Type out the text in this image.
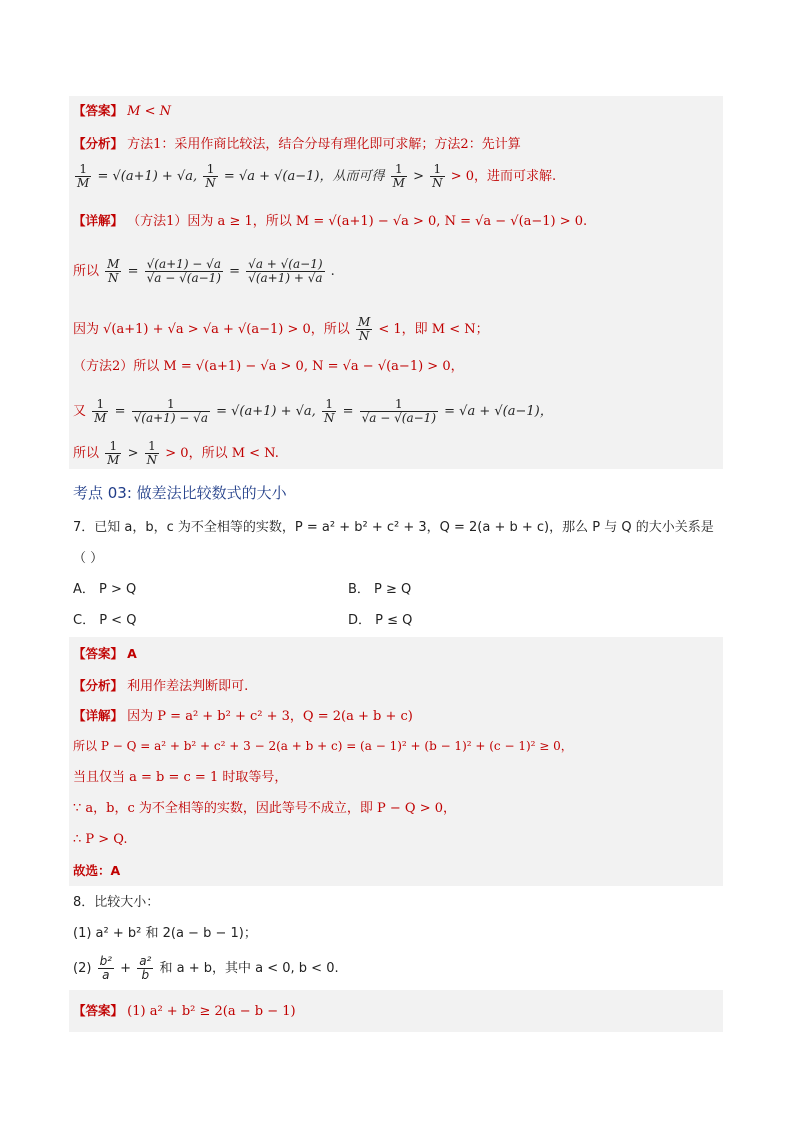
【答案】 M < N
【分析】 方法1：采用作商比较法，结合分母有理化即可求解；方法2：先计算
$\frac{1}{M} = √(a+1) + √a$, $\frac{1}{N} = √a + √(a-1)$，从而可得 $\frac{1}{M} > \frac{1}{N} > 0$，进而可求解.
【详解】 （方法1）因为 a ≥ 1，所以 M = √(a+1) − √a > 0, N = √a − √(a−1) > 0.
所以 $\frac{M}{N} = \frac{√(a+1) - √a}{√a - √(a-1)} = \frac{√a + √(a-1)}{√(a+1) + √a}$ .
因为 √(a+1) + √a > √a + √(a−1) > 0，所以 $\frac{M}{N} < 1$，即 M < N；
（方法2）所以 M = √(a+1) − √a > 0, N = √a − √(a−1) > 0，
又 $\frac{1}{M} = \frac{1}{√(a+1) - √a} = √(a+1) + √a$, $\frac{1}{N} = \frac{1}{√a - √(a-1)} = √a + √(a-1)$，
所以 $\frac{1}{M} > \frac{1}{N} > 0$，所以 M < N.
考点 03: 做差法比较数式的大小
7．已知 a，b，c 为不全相等的实数，P = a² + b² + c² + 3，Q = 2(a + b + c)，那么 P 与 Q 的大小关系是
（ ）
A． P > Q	B． P ≥ Q
C． P < Q	D． P ≤ Q
【答案】 A
【分析】 利用作差法判断即可.
【详解】 因为 P = a² + b² + c² + 3，Q = 2(a + b + c)
所以 P − Q = a² + b² + c² + 3 − 2(a + b + c) = (a − 1)² + (b − 1)² + (c − 1)² ≥ 0，
当且仅当 a = b = c = 1 时取等号，
∵ a，b，c 为不全相等的实数，因此等号不成立，即 P − Q > 0，
∴ P > Q.
故选：A
8．比较大小：
(1) a² + b² 和 2(a − b − 1)；
$(2) \frac{\text{b²}}{a} + \frac{\text{a²}}{b}$ 和 a + b，其中 a < 0, b < 0.
【答案】 (1) a² + b² ≥ 2(a − b − 1)
